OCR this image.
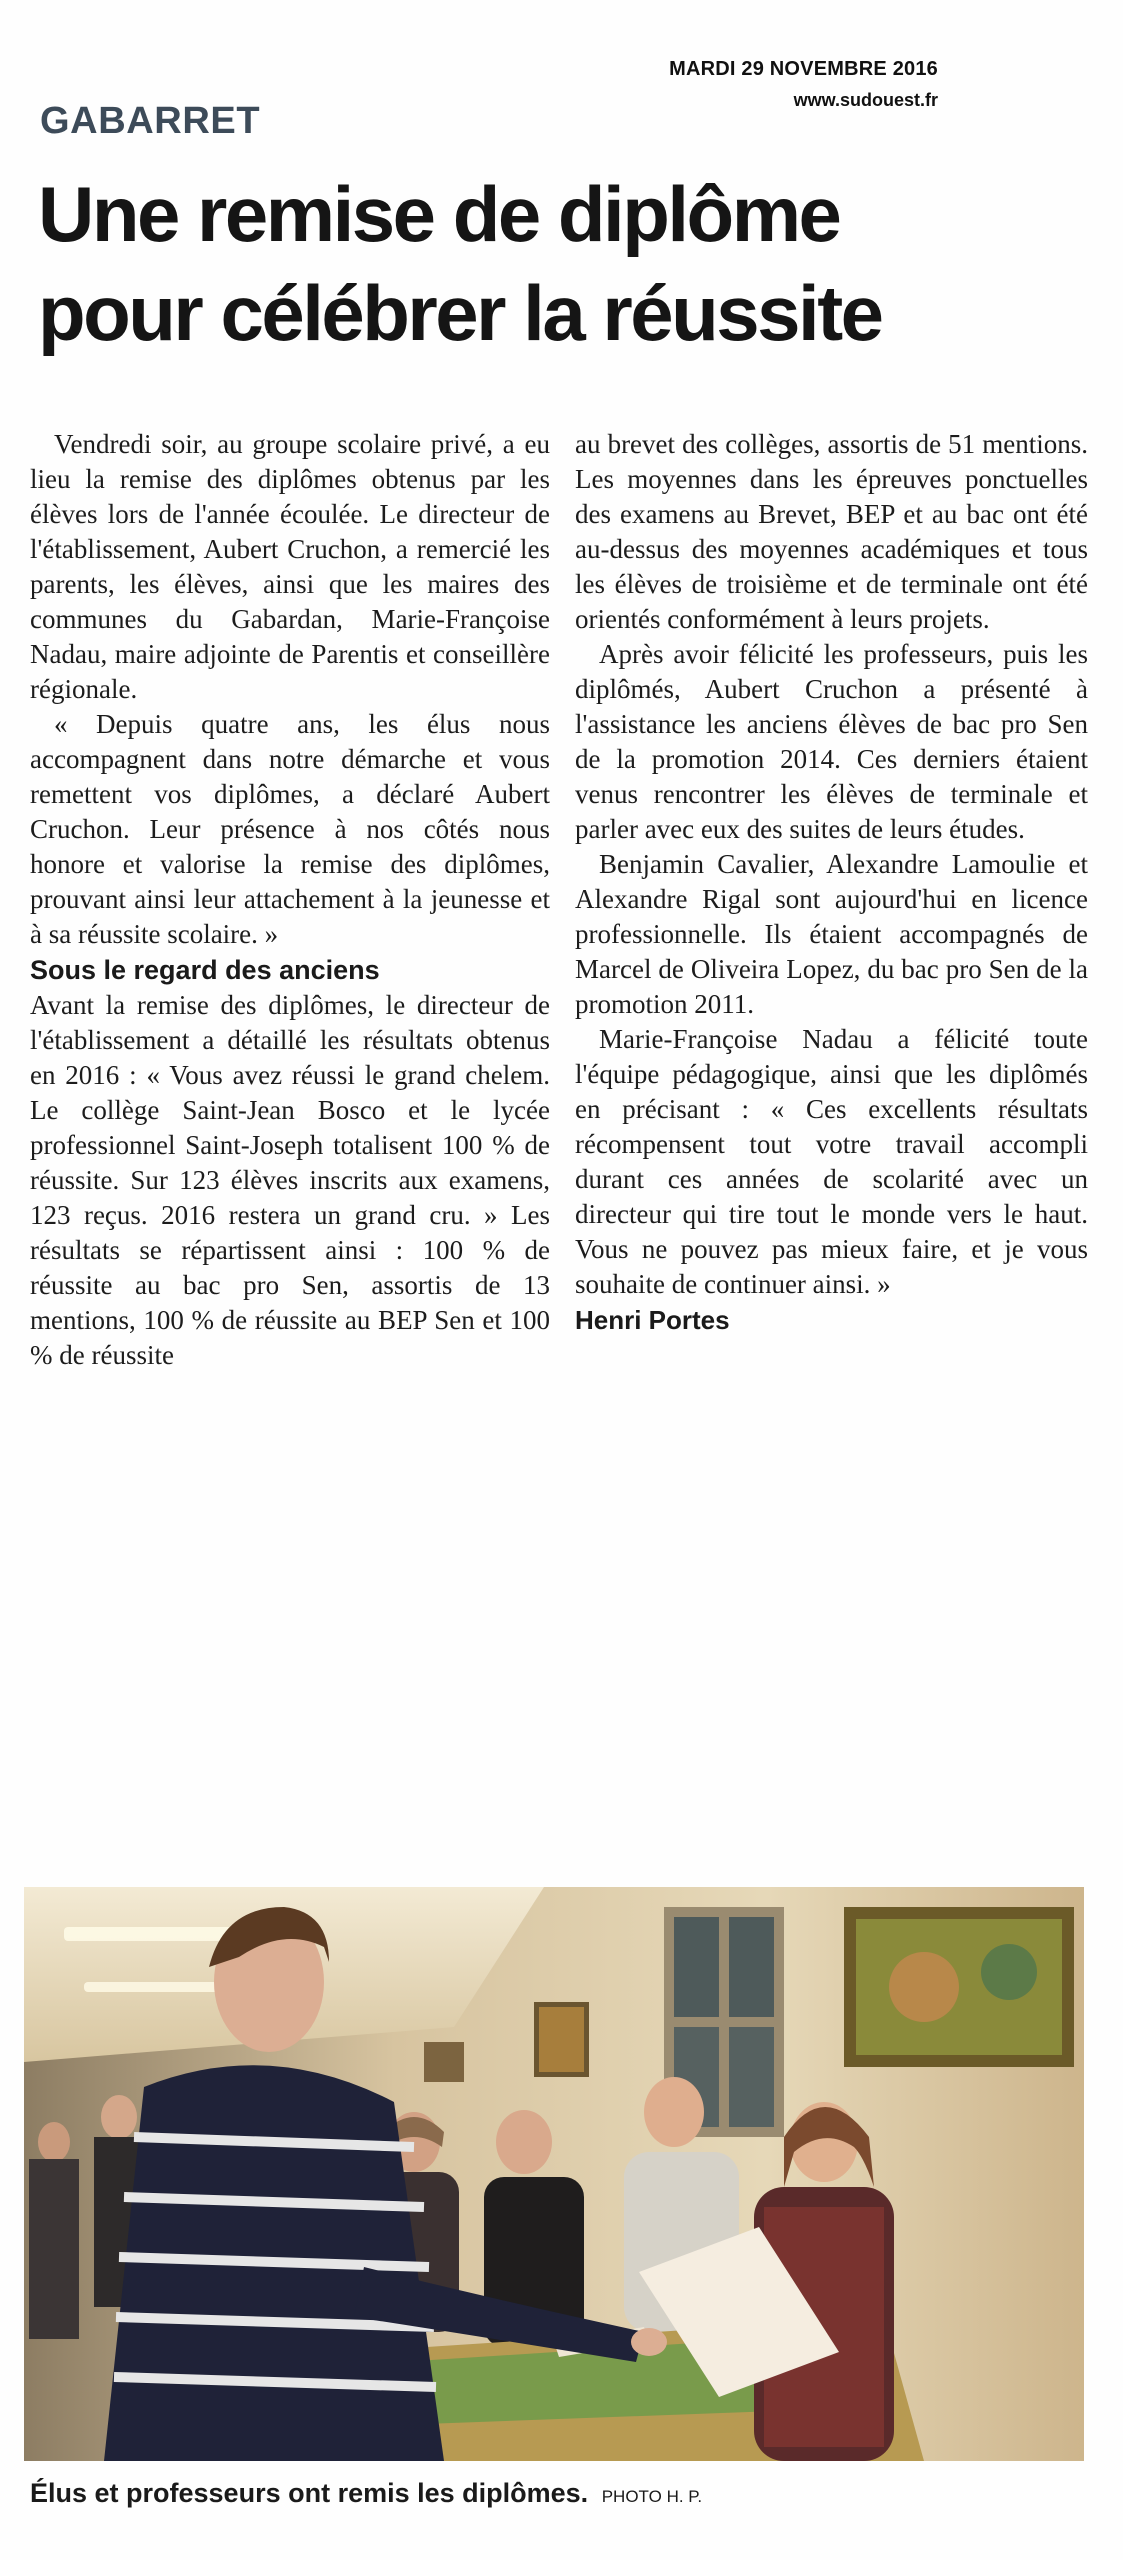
MARDI 29 NOVEMBRE 2016
www.sudouest.fr
GABARRET
Une remise de diplôme
pour célébrer la réussite

Vendredi soir, au groupe scolaire privé, a eu lieu la remise des diplômes obtenus par les élèves lors de l'année écoulée. Le directeur de l'établissement, Aubert Cruchon, a remercié les parents, les élèves, ainsi que les maires des communes du Gabardan, Marie-Françoise Nadau, maire adjointe de Parentis et conseillère régionale.

« Depuis quatre ans, les élus nous accompagnent dans notre démarche et vous remettent vos diplômes, a déclaré Aubert Cruchon. Leur présence à nos côtés nous honore et valorise la remise des diplômes, prouvant ainsi leur attachement à la jeunesse et à sa réussite scolaire. »

Sous le regard des anciens

Avant la remise des diplômes, le directeur de l'établissement a détaillé les résultats obtenus en 2016 : « Vous avez réussi le grand chelem. Le collège Saint-Jean Bosco et le lycée professionnel Saint-Joseph totalisent 100 % de réussite. Sur 123 élèves inscrits aux examens, 123 reçus. 2016 restera un grand cru. » Les résultats se répartissent ainsi : 100 % de réussite au bac pro Sen, assortis de 13 mentions, 100 % de réussite au BEP Sen et 100 % de réussite

au brevet des collèges, assortis de 51 mentions. Les moyennes dans les épreuves ponctuelles des examens au Brevet, BEP et au bac ont été au-dessus des moyennes académiques et tous les élèves de troisième et de terminale ont été orientés conformément à leurs projets.

Après avoir félicité les professeurs, puis les diplômés, Aubert Cruchon a présenté à l'assistance les anciens élèves de bac pro Sen de la promotion 2014. Ces derniers étaient venus rencontrer les élèves de terminale et parler avec eux des suites de leurs études.

Benjamin Cavalier, Alexandre Lamoulie et Alexandre Rigal sont aujourd'hui en licence professionnelle. Ils étaient accompagnés de Marcel de Oliveira Lopez, du bac pro Sen de la promotion 2011.

Marie-Françoise Nadau a félicité toute l'équipe pédagogique, ainsi que les diplômés en précisant : « Ces excellents résultats récompensent tout votre travail accompli durant ces années de scolarité avec un directeur qui tire tout le monde vers le haut. Vous ne pouvez pas mieux faire, et je vous souhaite de continuer ainsi. »

Henri Portes

Élus et professeurs ont remis les diplômes. PHOTO H. P.
